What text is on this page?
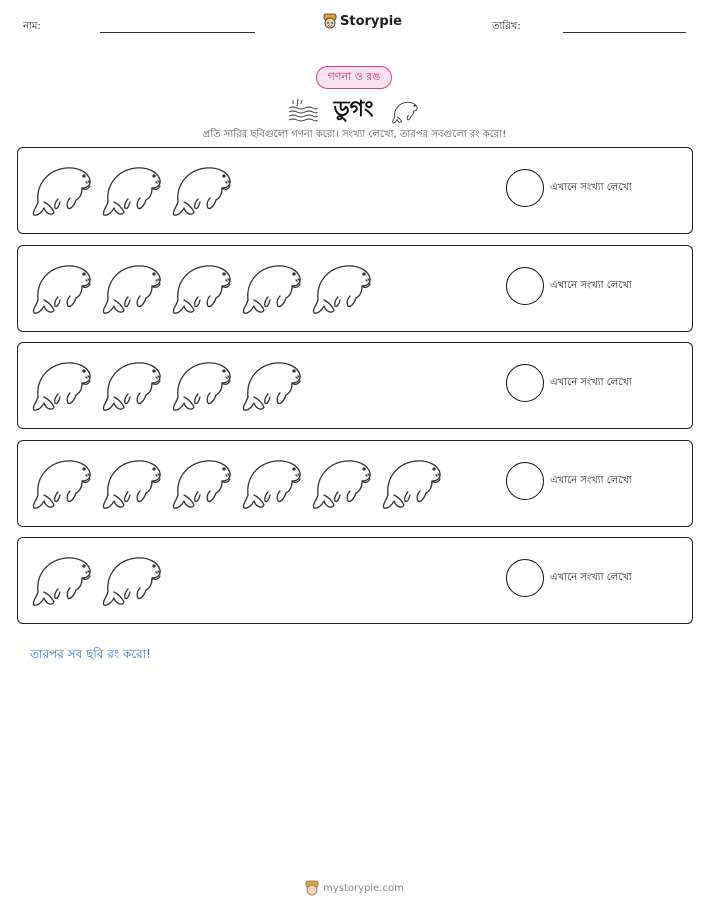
নাম:	Storypie	তারিখ:
গণনা ও রঙ
ডুগং
প্রতি সারির ছবিগুলো গণনা করো। সংখ্যা লেখো, তারপর সবগুলো রং করো!
এখানে সংখ্যা লেখো
এখানে সংখ্যা লেখো
এখানে সংখ্যা লেখো
এখানে সংখ্যা লেখো
এখানে সংখ্যা লেখো
তারপর সব ছবি রং করো!
mystorypie.com
